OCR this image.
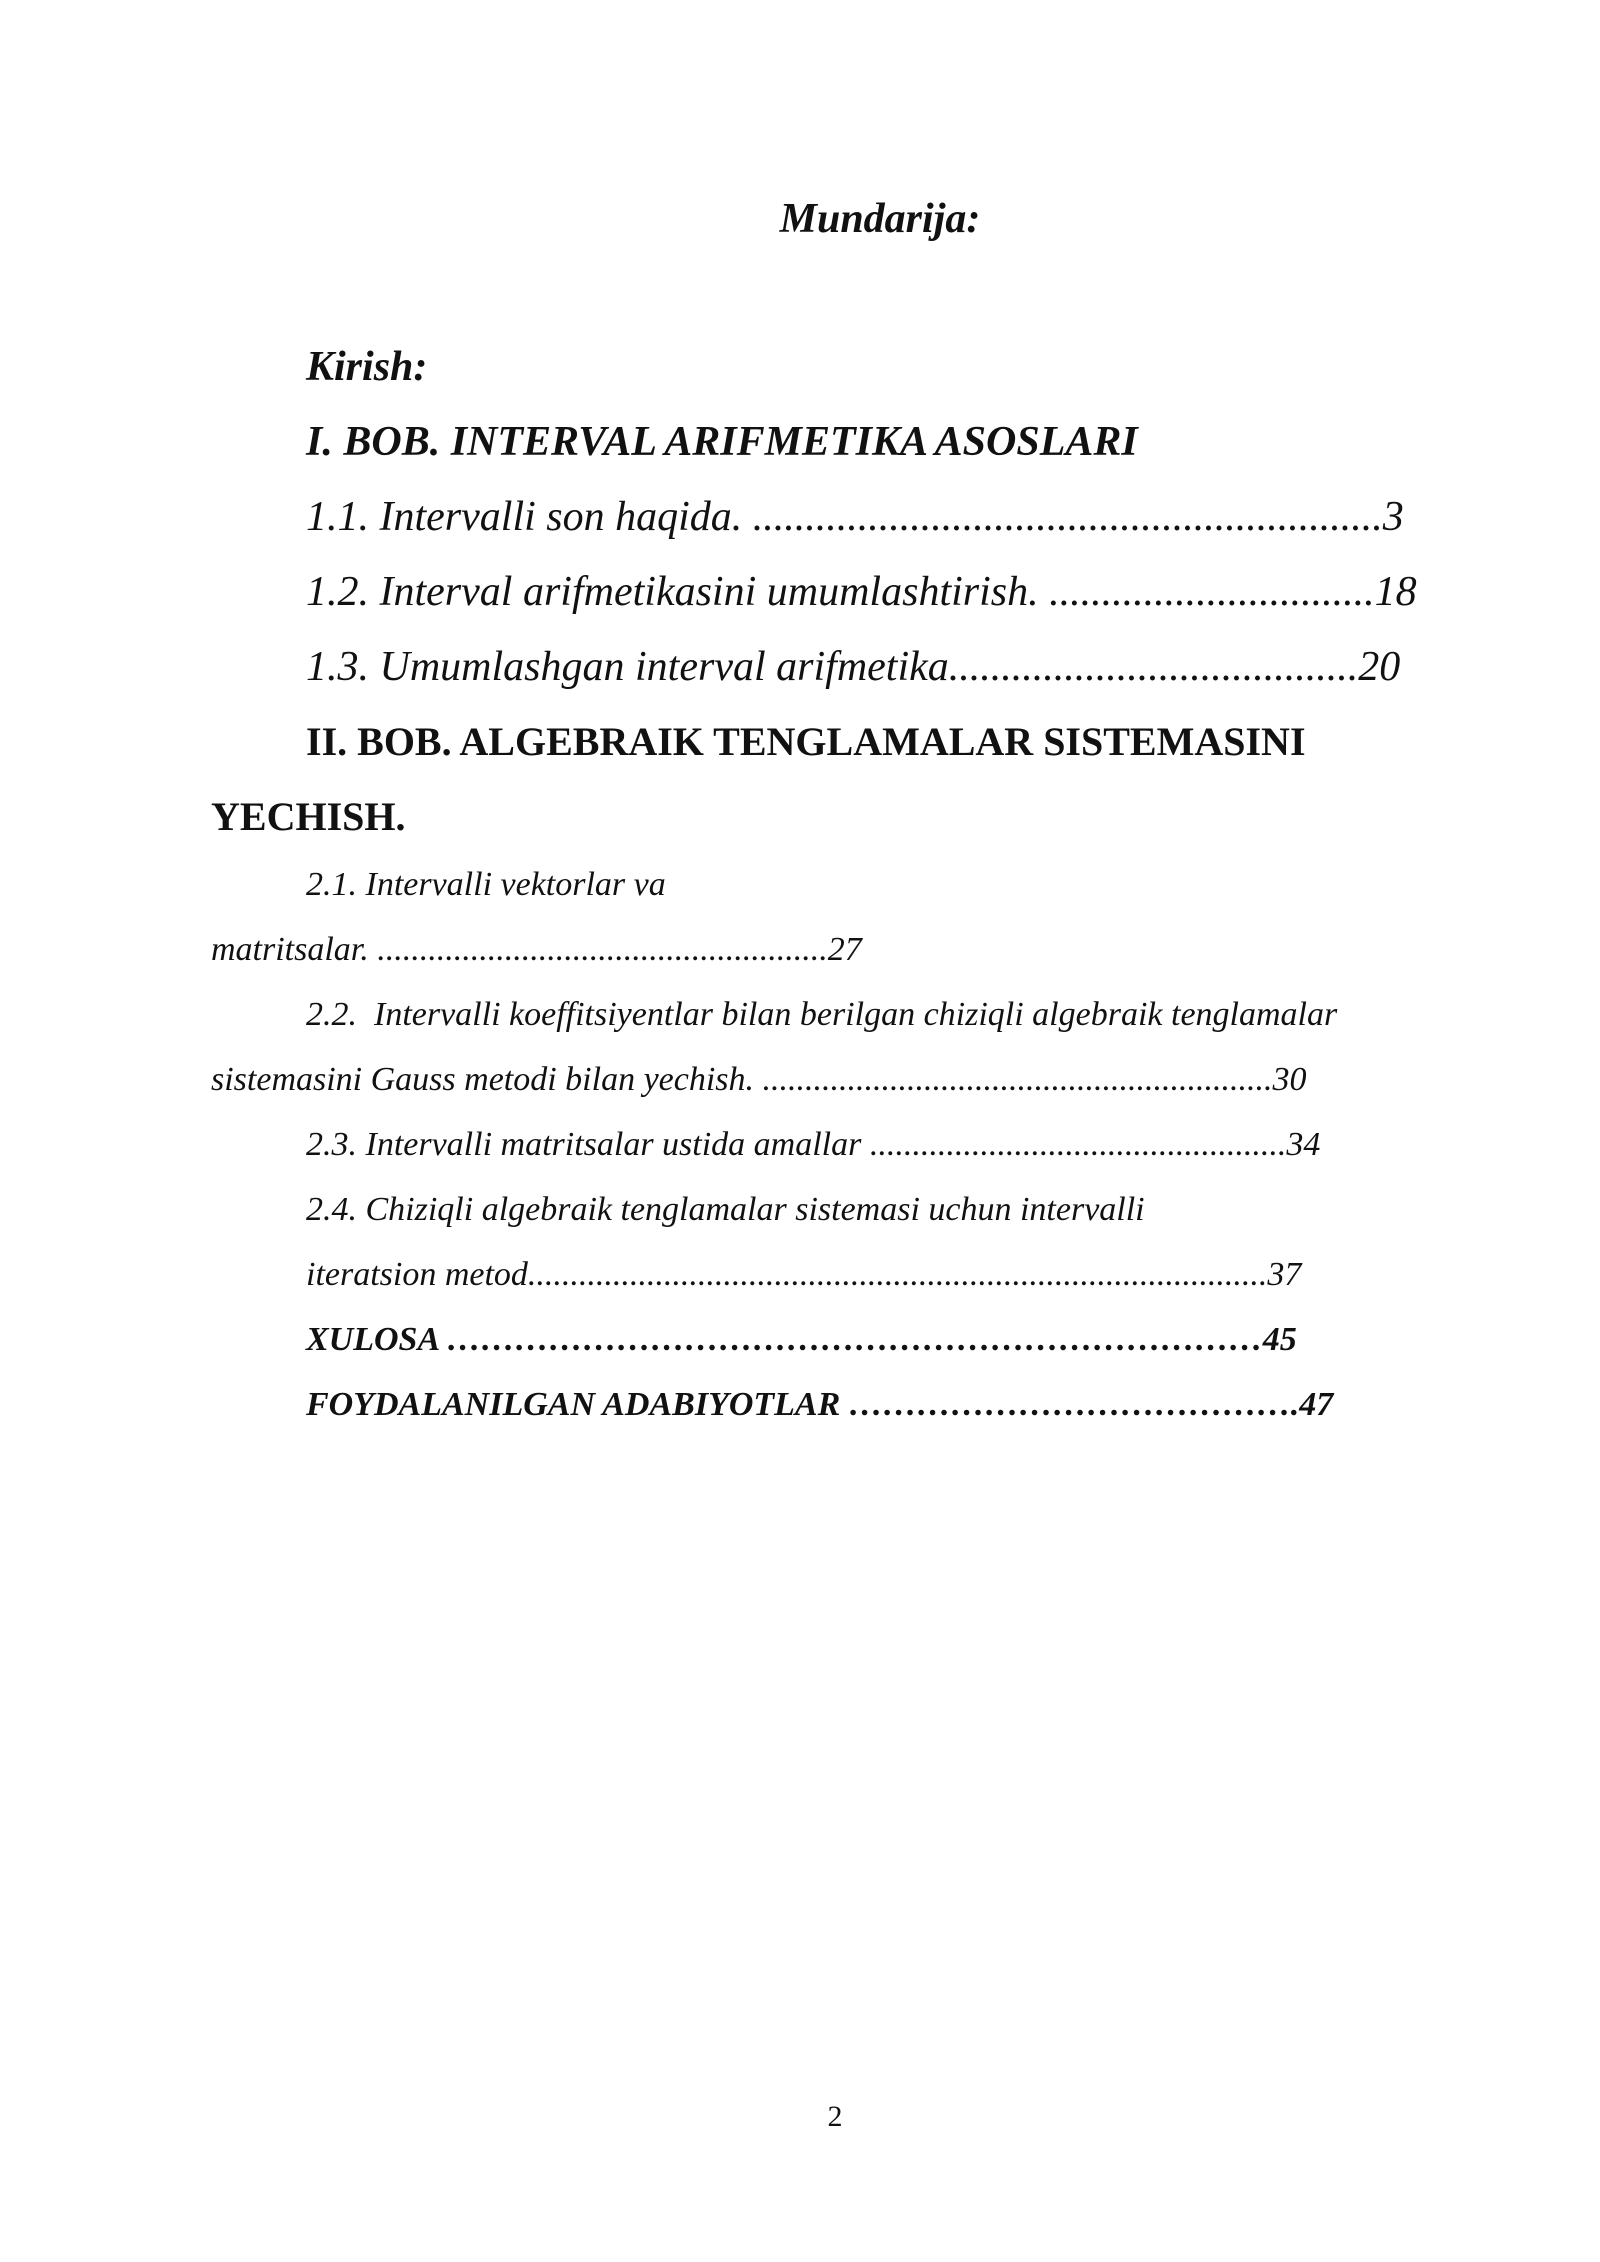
Mundarija:
Kirish:
I. BOB. INTERVAL ARIFMETIKA ASOSLARI
1.1. Intervalli son haqida. ............................................................3
1.2. Interval arifmetikasini umumlashtirish. ...............................18
1.3. Umumlashgan interval arifmetika.......................................20
II. BOB. ALGEBRAIK TENGLAMALAR SISTEMASINI
YECHISH.
2.1. Intervalli vektorlar va
matritsalar. .....................................................27
2.2.  Intervalli koeffitsiyentlar bilan berilgan chiziqli algebraik tenglamalar
sistemasini Gauss metodi bilan yechish. ............................................................30
2.3. Intervalli matritsalar ustida amallar .................................................34
2.4. Chiziqli algebraik tenglamalar sistemasi uchun intervalli
iteratsion metod.......................................................................................37
XULOSA ………………………………………………………………45
FOYDALANILGAN ADABIYOTLAR ………………………………….47
2
